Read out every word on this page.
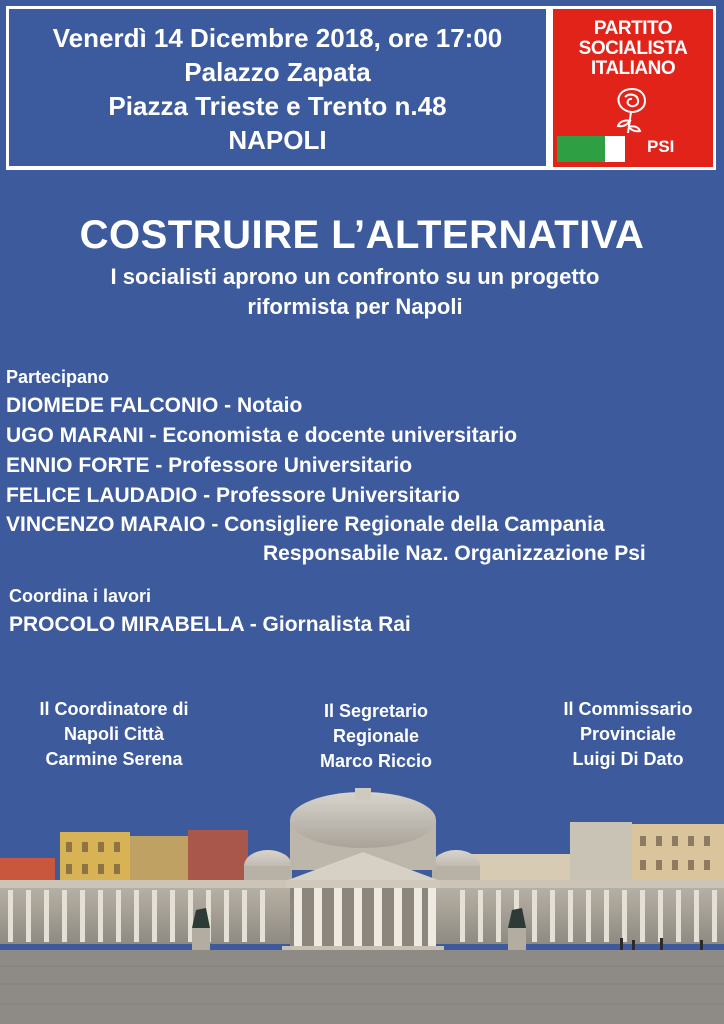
Venerdì 14 Dicembre 2018, ore 17:00
Palazzo Zapata
Piazza Trieste e Trento n.48
NAPOLI
PARTITO
SOCIALISTA
ITALIANO
PSI
COSTRUIRE L’ALTERNATIVA
I socialisti aprono un confronto su un progetto
riformista per Napoli
Partecipano
DIOMEDE FALCONIO - Notaio
UGO MARANI - Economista e docente universitario
ENNIO FORTE - Professore Universitario
FELICE LAUDADIO - Professore Universitario
VINCENZO MARAIO - Consigliere Regionale della Campania
Responsabile Naz. Organizzazione Psi
Coordina i lavori
PROCOLO MIRABELLA - Giornalista Rai
Il Coordinatore di
Napoli Città
Carmine Serena
Il Segretario
Regionale
Marco Riccio
Il Commissario
Provinciale
Luigi Di Dato
